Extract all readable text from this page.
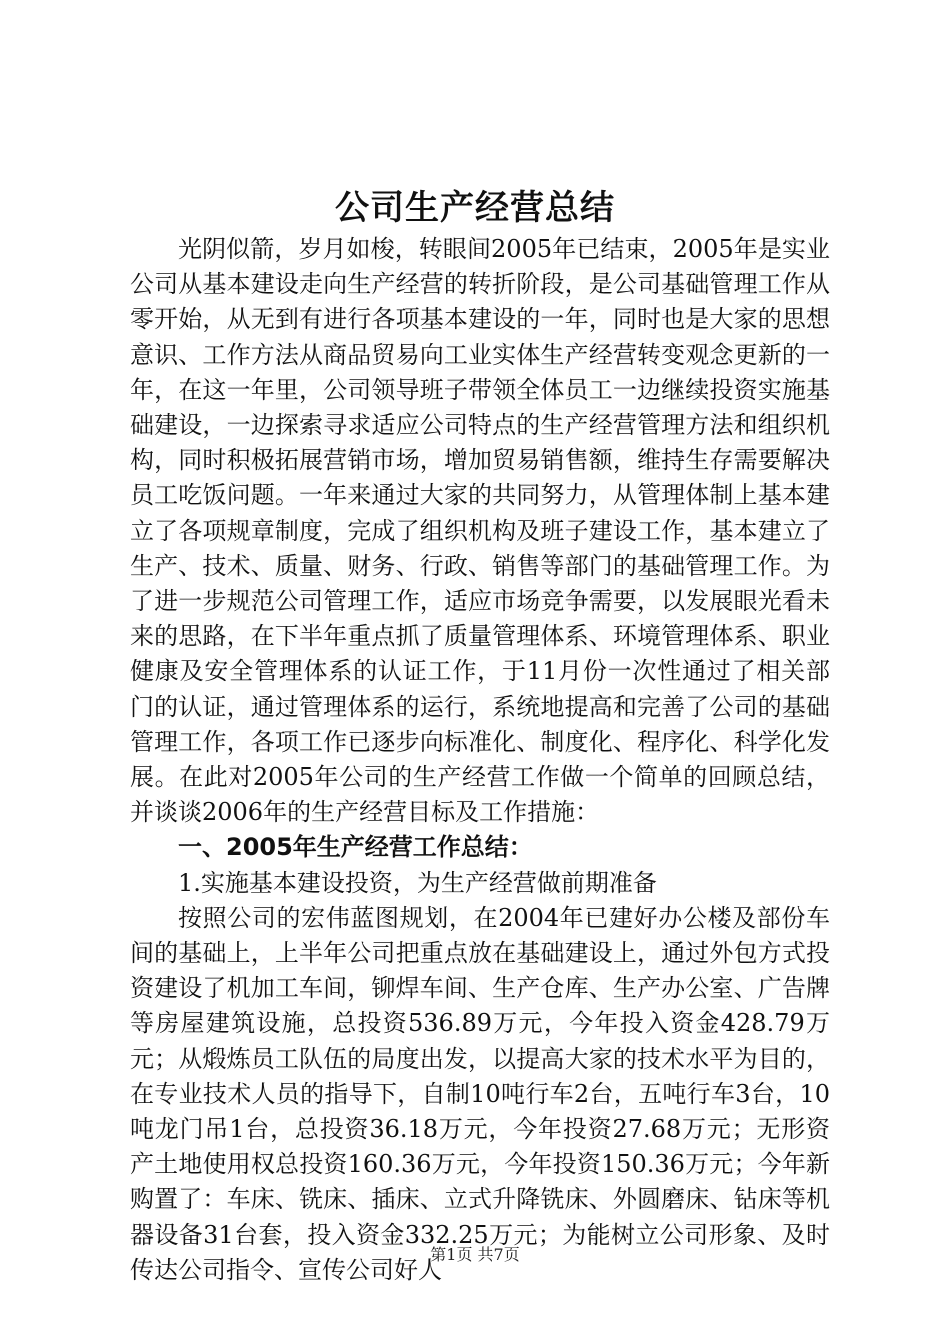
公司生产经营总结

光阴似箭，岁月如梭，转眼间2005年已结束，2005年是实业公司从基本建设走向生产经营的转折阶段，是公司基础管理工作从零开始，从无到有进行各项基本建设的一年，同时也是大家的思想意识、工作方法从商品贸易向工业实体生产经营转变观念更新的一年，在这一年里，公司领导班子带领全体员工一边继续投资实施基础建设，一边探索寻求适应公司特点的生产经营管理方法和组织机构，同时积极拓展营销市场，增加贸易销售额，维持生存需要解决员工吃饭问题。一年来通过大家的共同努力，从管理体制上基本建立了各项规章制度，完成了组织机构及班子建设工作，基本建立了生产、技术、质量、财务、行政、销售等部门的基础管理工作。为了进一步规范公司管理工作，适应市场竞争需要，以发展眼光看未来的思路，在下半年重点抓了质量管理体系、环境管理体系、职业健康及安全管理体系的认证工作，于11月份一次性通过了相关部门的认证，通过管理体系的运行，系统地提高和完善了公司的基础管理工作，各项工作已逐步向标准化、制度化、程序化、科学化发展。在此对2005年公司的生产经营工作做一个简单的回顾总结，并谈谈2006年的生产经营目标及工作措施：

一、2005年生产经营工作总结：

1.实施基本建设投资，为生产经营做前期准备

按照公司的宏伟蓝图规划，在2004年已建好办公楼及部份车间的基础上，上半年公司把重点放在基础建设上，通过外包方式投资建设了机加工车间，铆焊车间、生产仓库、生产办公室、广告牌等房屋建筑设施，总投资536.89万元，今年投入资金428.79万元；从煅炼员工队伍的局度出发，以提高大家的技术水平为目的，在专业技术人员的指导下，自制10吨行车2台，五吨行车3台，10吨龙门吊1台，总投资36.18万元，今年投资27.68万元；无形资产土地使用权总投资160.36万元，今年投资150.36万元；今年新购置了：车床、铣床、插床、立式升降铣床、外圆磨床、钻床等机器设备31台套，投入资金332.25万元；为能树立公司形象、及时传达公司指令、宣传公司好人

第1页 共7页
